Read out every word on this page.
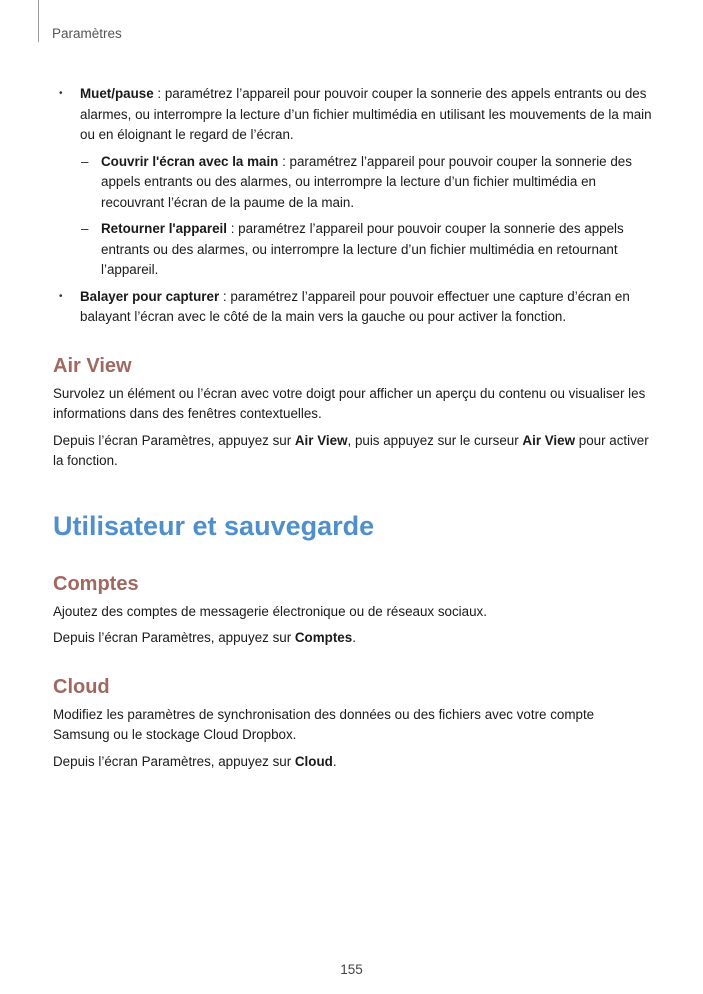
Paramètres
• Muet/pause : paramétrez l’appareil pour pouvoir couper la sonnerie des appels entrants ou des alarmes, ou interrompre la lecture d’un fichier multimédia en utilisant les mouvements de la main ou en éloignant le regard de l’écran.
– Couvrir l'écran avec la main : paramétrez l’appareil pour pouvoir couper la sonnerie des appels entrants ou des alarmes, ou interrompre la lecture d’un fichier multimédia en recouvrant l’écran de la paume de la main.
– Retourner l'appareil : paramétrez l’appareil pour pouvoir couper la sonnerie des appels entrants ou des alarmes, ou interrompre la lecture d’un fichier multimédia en retournant l’appareil.
• Balayer pour capturer : paramétrez l’appareil pour pouvoir effectuer une capture d’écran en balayant l’écran avec le côté de la main vers la gauche ou pour activer la fonction.
Air View

Survolez un élément ou l’écran avec votre doigt pour afficher un aperçu du contenu ou visualiser les informations dans des fenêtres contextuelles.

Depuis l’écran Paramètres, appuyez sur Air View, puis appuyez sur le curseur Air View pour activer la fonction.

Utilisateur et sauvegarde
Comptes

Ajoutez des comptes de messagerie électronique ou de réseaux sociaux.

Depuis l’écran Paramètres, appuyez sur Comptes.

Cloud

Modifiez les paramètres de synchronisation des données ou des fichiers avec votre compte Samsung ou le stockage Cloud Dropbox.

Depuis l’écran Paramètres, appuyez sur Cloud.

155
